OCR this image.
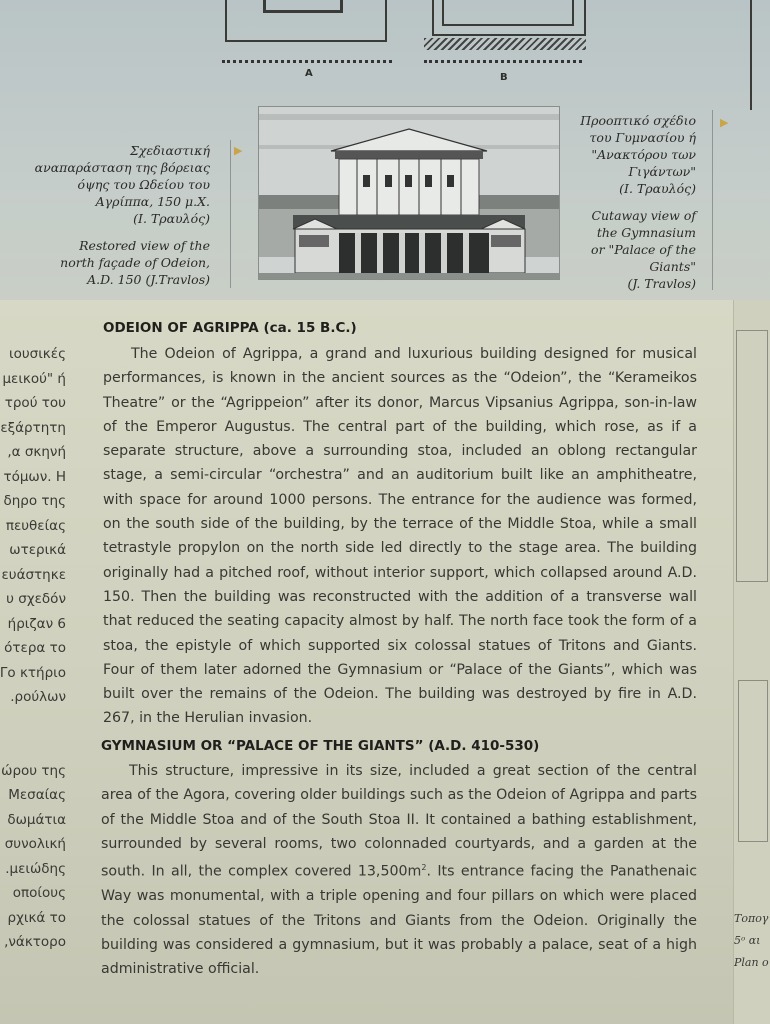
A	B
Σχεδιαστική
αναπαράσταση της βόρειας
όψης του Ωδείου του
Αγρίππα, 150 μ.Χ.
(Ι. Τραυλός)
Restored view of the
north façade of Odeion,
A.D. 150 (J.Travlos)
▶
Προοπτικό σχέδιο
του Γυμνασίου ή
"Ανακτόρου των
Γιγάντων"
(Ι. Τραυλός)
Cutaway view of
the Gymnasium
or "Palace of the
Giants"
(J. Travlos)
▶
ιουσικές
μεικού" ή
τρού του
εξάρτητη
α σκηνή,
τόμων. Η
δηρο της
πευθείας
ωτερικά
ευάστηκε
υ σχεδόν
ήριζαν 6
ότερα το
Γο κτήριο
ρούλων.

ώρου της
Μεσαίας
δωμάτια
συνολική
μειώδης.
οποίους
ρχικά το
νάκτορο,
ODEION OF AGRIPPA (ca. 15 B.C.)
The Odeion of Agrippa, a grand and luxurious building designed for musical performances, is known in the ancient sources as the “Odeion”, the “Kerameikos Theatre” or the “Agrippeion” after its donor, Marcus Vipsanius Agrippa, son-in-law of the Emperor Augustus. The central part of the building, which rose, as if a separate structure, above a surrounding stoa, included an oblong rectangular stage, a semi-circular “orchestra” and an auditorium built like an amphitheatre, with space for around 1000 persons. The entrance for the audience was formed, on the south side of the building, by the terrace of the Middle Stoa, while a small tetrastyle propylon on the north side led directly to the stage area. The building originally had a pitched roof, without interior support, which collapsed around A.D. 150. Then the building was reconstructed with the addition of a transverse wall that reduced the seating capacity almost by half. The north face took the form of a stoa, the epistyle of which supported six colossal statues of Tritons and Giants. Four of them later adorned the Gymnasium or “Palace of the Giants”, which was built over the remains of the Odeion. The building was destroyed by fire in A.D. 267, in the Herulian invasion.
GYMNASIUM OR “PALACE OF THE GIANTS” (A.D. 410-530)
This structure, impressive in its size, included a great section of the central area of the Agora, covering older buildings such as the Odeion of Agrippa and parts of the Middle Stoa and of the South Stoa II. It contained a bathing establishment, surrounded by several rooms, two colonnaded courtyards, and a garden at the south. In all, the complex covered $13,500m^2$. Its entrance facing the Panathenaic Way was monumental, with a triple opening and four pillars on which were placed the colossal statues of the Tritons and Giants from the Odeion. Originally the building was considered a gymnasium, but it was probably a palace, seat of a high administrative official.
Τοπογ
5ᵒ αι
Plan o
